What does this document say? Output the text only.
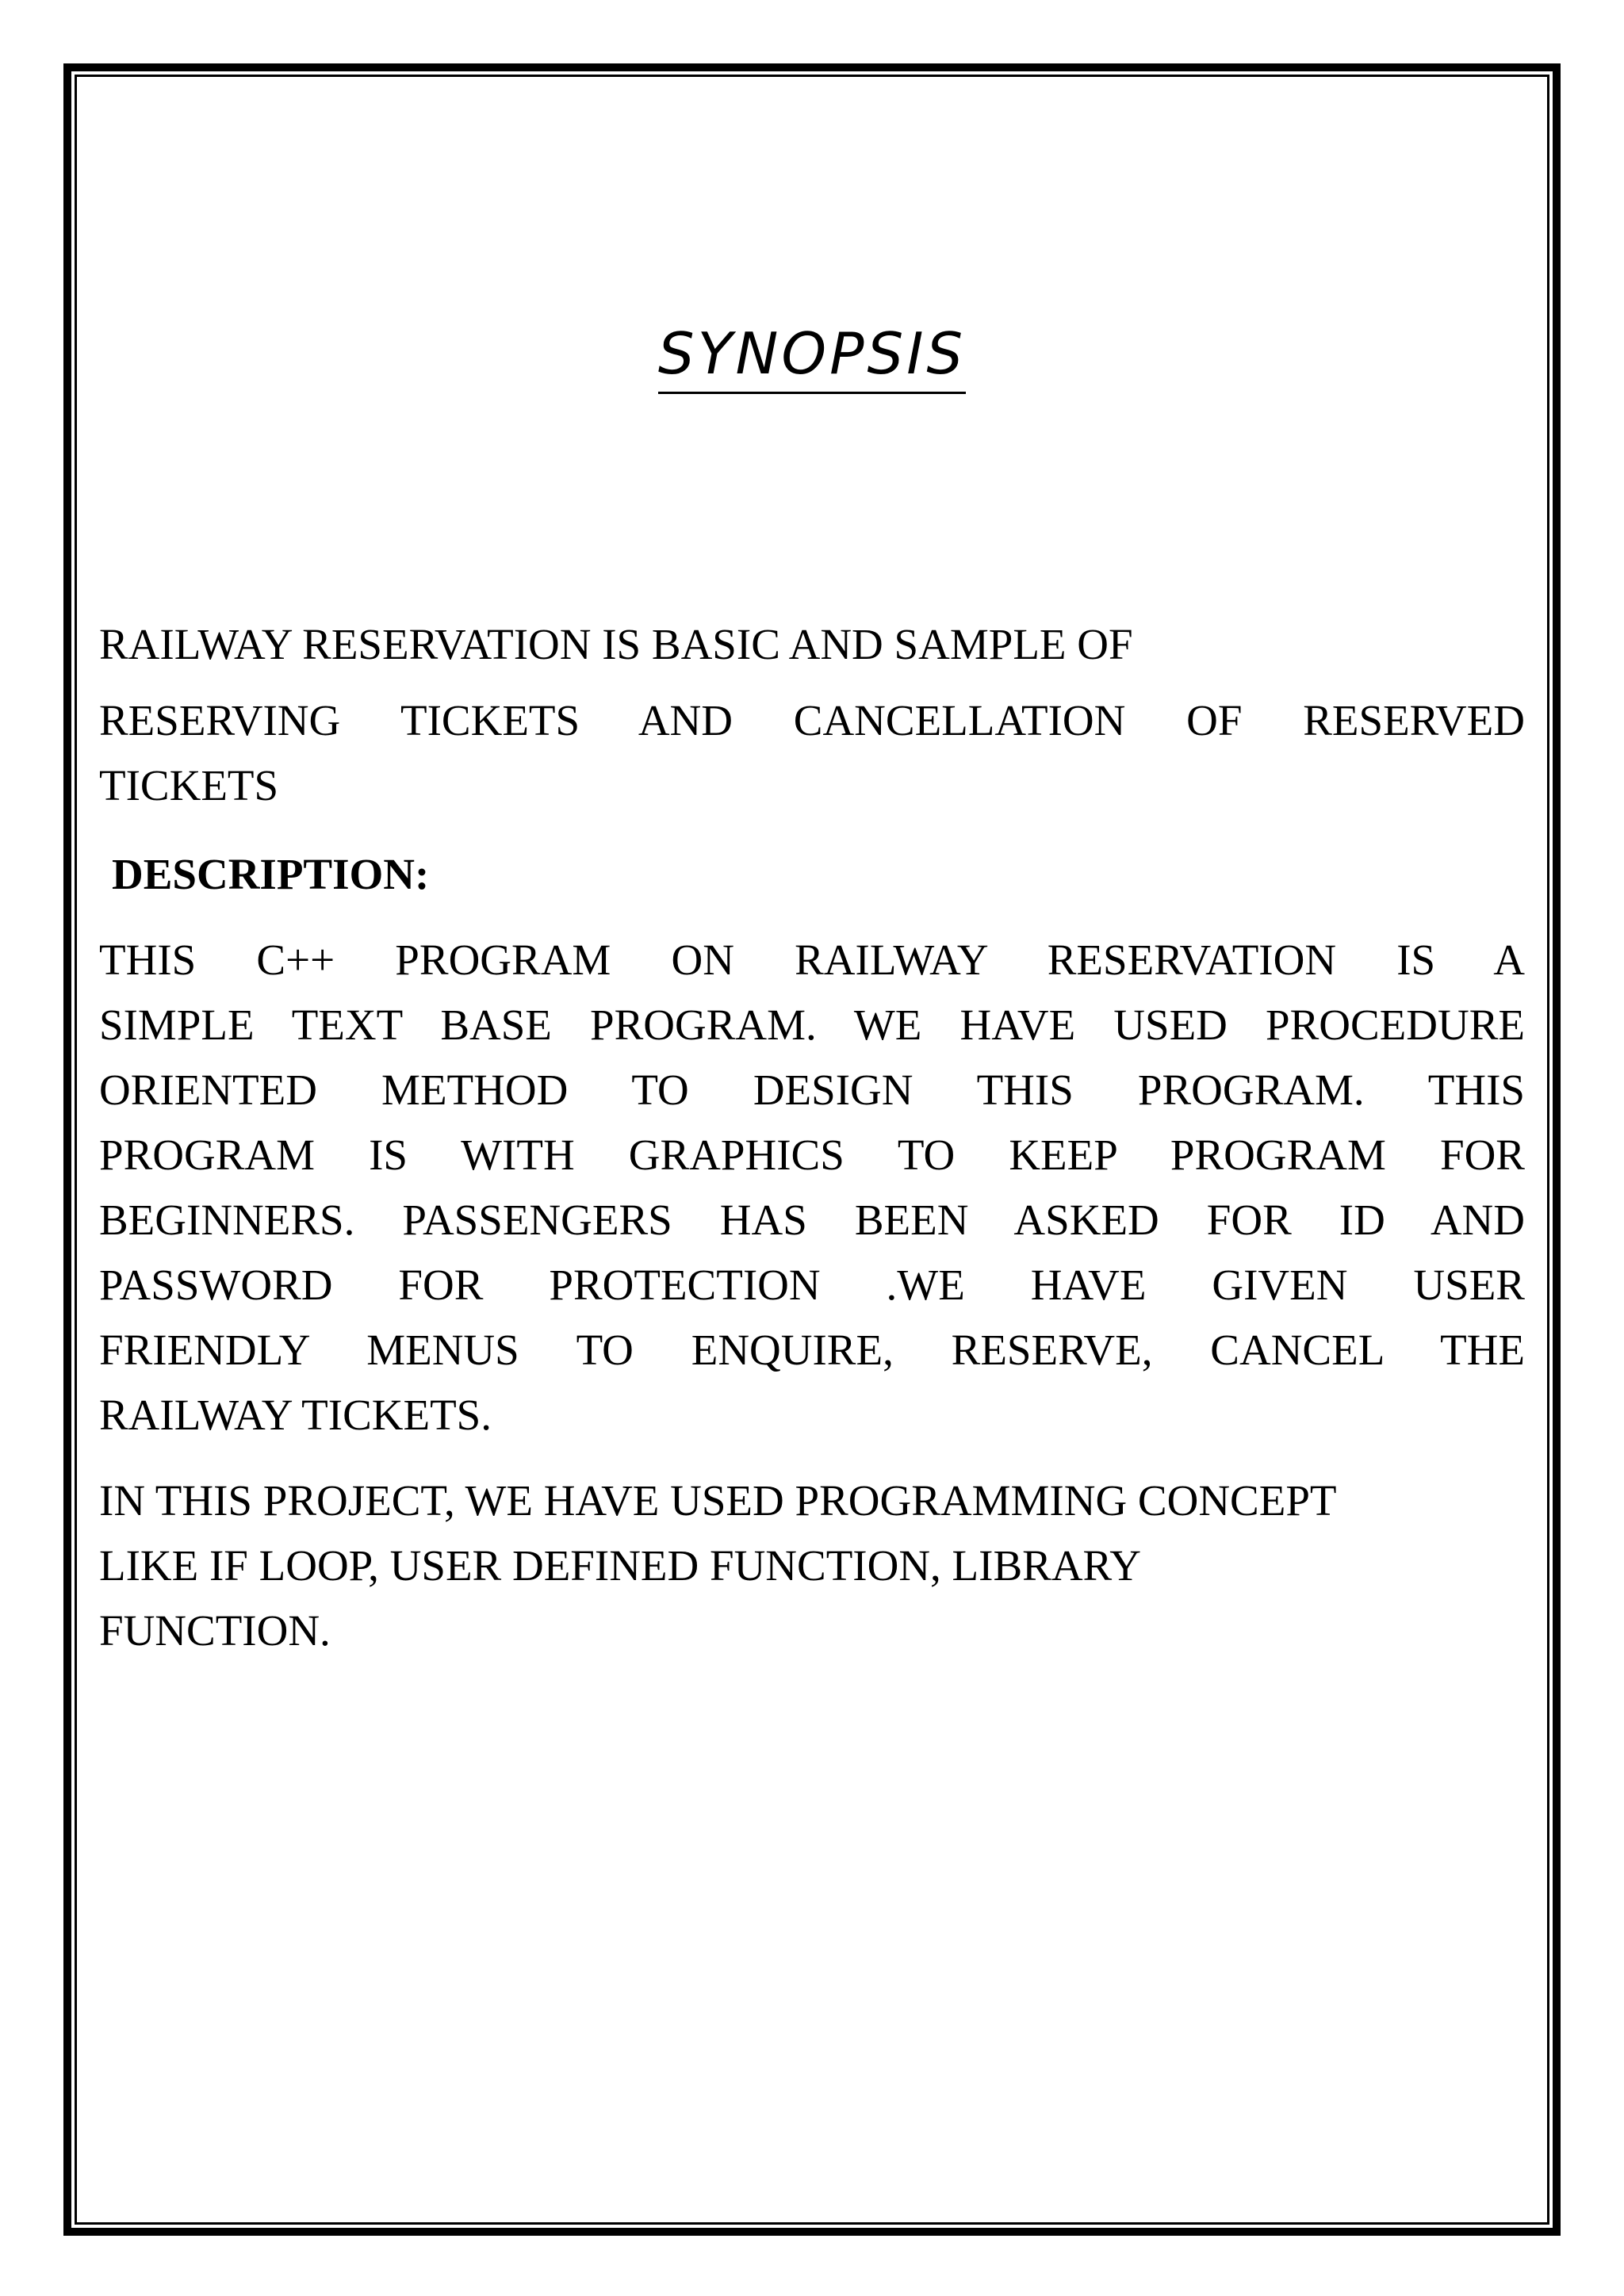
SYNOPSIS

RAILWAY RESERVATION IS BASIC AND SAMPLE OF

RESERVING TICKETS AND CANCELLATION OF RESERVED

TICKETS

DESCRIPTION:

THIS C++ PROGRAM ON RAILWAY RESERVATION IS A

SIMPLE TEXT BASE PROGRAM. WE HAVE USED PROCEDURE

ORIENTED METHOD TO DESIGN THIS PROGRAM. THIS

PROGRAM IS WITH GRAPHICS TO KEEP PROGRAM FOR

BEGINNERS. PASSENGERS HAS BEEN ASKED FOR ID AND

PASSWORD FOR PROTECTION .WE HAVE GIVEN USER

FRIENDLY MENUS TO ENQUIRE, RESERVE, CANCEL THE

RAILWAY TICKETS.

IN THIS PROJECT, WE HAVE USED PROGRAMMING CONCEPT

LIKE IF LOOP, USER DEFINED FUNCTION, LIBRARY

FUNCTION.
